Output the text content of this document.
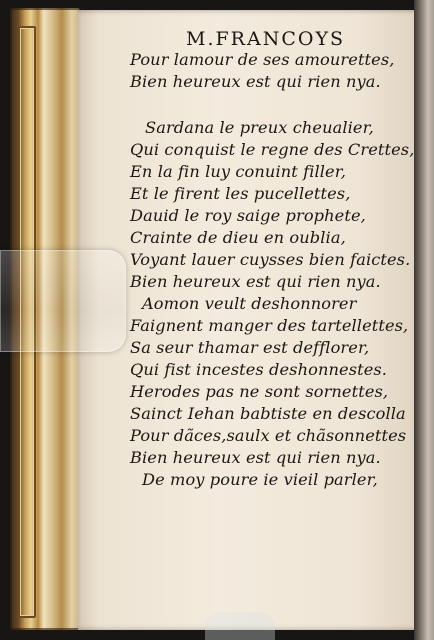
M.FRANCOYS
Pour lamour de ses amourettes,
Bien heureux est qui rien nya.
Sardana le preux cheualier,
Qui conquist le regne des Crettes,
En la fin luy conuint filler,
Et le firent les pucellettes,
Dauid le roy saige prophete,
Crainte de dieu en oublia,
Voyant lauer cuysses bien faictes.
Bien heureux est qui rien nya.
Aomon veult deshonnorer
Faignent manger des tartellettes,
Sa seur thamar est defflorer,
Qui fist incestes deshonnestes.
Herodes pas ne sont sornettes,
Sainct Iehan babtiste en descolla
Pour dãces,saulx et chãsonnettes
Bien heureux est qui rien nya.
De moy poure ie vieil parler,
